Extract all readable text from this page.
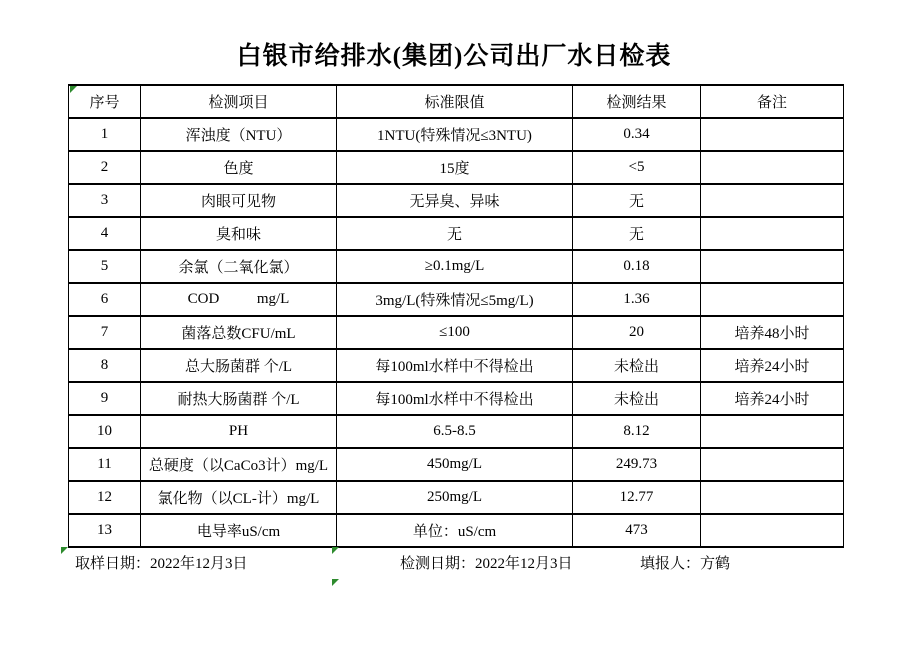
白银市给排水(集团)公司出厂水日检表
序号	检测项目	标准限值	检测结果	备注
1	浑浊度（NTU）	1NTU(特殊情况≤3NTU)	0.34	
2	色度	15度	<5	
3	肉眼可见物	无异臭、异味	无	
4	臭和味	无	无	
5	余氯（二氧化氯）	≥0.1mg/L	0.18	
6	COD          mg/L	3mg/L(特殊情况≤5mg/L)	1.36	
7	菌落总数CFU/mL	≤100	20	培养48小时
8	总大肠菌群 个/L	每100ml水样中不得检出	未检出	培养24小时
9	耐热大肠菌群 个/L	每100ml水样中不得检出	未检出	培养24小时
10	PH	6.5-8.5	8.12	
11	总硬度（以CaCo3计）mg/L	450mg/L	249.73	
12	氯化物（以CL-计）mg/L	250mg/L	12.77	
13	电导率uS/cm	单位：uS/cm	473	
取样日期：2022年12月3日	检测日期：2022年12月3日	填报人：方鹤
